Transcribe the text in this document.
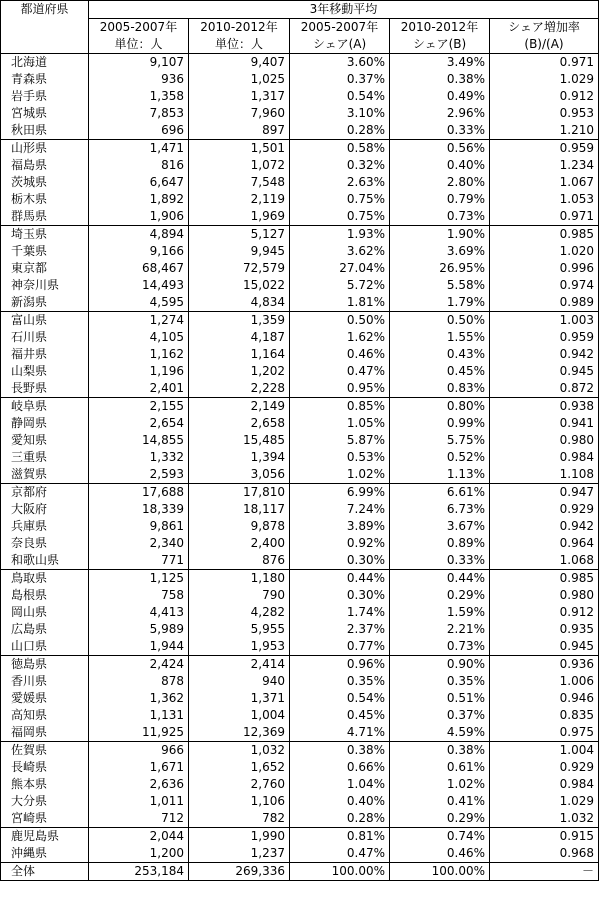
都道府県	3年移動平均				
	2005-2007年	2010-2012年	2005-2007年	2010-2012年	シェア増加率
	単位：人	単位：人	シェア(A)	シェア(B)	(B)/(A)
北海道	9,107	9,407	3.60%	3.49%	0.971
青森県	936	1,025	0.37%	0.38%	1.029
岩手県	1,358	1,317	0.54%	0.49%	0.912
宮城県	7,853	7,960	3.10%	2.96%	0.953
秋田県	696	897	0.28%	0.33%	1.210
山形県	1,471	1,501	0.58%	0.56%	0.959
福島県	816	1,072	0.32%	0.40%	1.234
茨城県	6,647	7,548	2.63%	2.80%	1.067
栃木県	1,892	2,119	0.75%	0.79%	1.053
群馬県	1,906	1,969	0.75%	0.73%	0.971
埼玉県	4,894	5,127	1.93%	1.90%	0.985
千葉県	9,166	9,945	3.62%	3.69%	1.020
東京都	68,467	72,579	27.04%	26.95%	0.996
神奈川県	14,493	15,022	5.72%	5.58%	0.974
新潟県	4,595	4,834	1.81%	1.79%	0.989
富山県	1,274	1,359	0.50%	0.50%	1.003
石川県	4,105	4,187	1.62%	1.55%	0.959
福井県	1,162	1,164	0.46%	0.43%	0.942
山梨県	1,196	1,202	0.47%	0.45%	0.945
長野県	2,401	2,228	0.95%	0.83%	0.872
岐阜県	2,155	2,149	0.85%	0.80%	0.938
静岡県	2,654	2,658	1.05%	0.99%	0.941
愛知県	14,855	15,485	5.87%	5.75%	0.980
三重県	1,332	1,394	0.53%	0.52%	0.984
滋賀県	2,593	3,056	1.02%	1.13%	1.108
京都府	17,688	17,810	6.99%	6.61%	0.947
大阪府	18,339	18,117	7.24%	6.73%	0.929
兵庫県	9,861	9,878	3.89%	3.67%	0.942
奈良県	2,340	2,400	0.92%	0.89%	0.964
和歌山県	771	876	0.30%	0.33%	1.068
鳥取県	1,125	1,180	0.44%	0.44%	0.985
島根県	758	790	0.30%	0.29%	0.980
岡山県	4,413	4,282	1.74%	1.59%	0.912
広島県	5,989	5,955	2.37%	2.21%	0.935
山口県	1,944	1,953	0.77%	0.73%	0.945
徳島県	2,424	2,414	0.96%	0.90%	0.936
香川県	878	940	0.35%	0.35%	1.006
愛媛県	1,362	1,371	0.54%	0.51%	0.946
高知県	1,131	1,004	0.45%	0.37%	0.835
福岡県	11,925	12,369	4.71%	4.59%	0.975
佐賀県	966	1,032	0.38%	0.38%	1.004
長崎県	1,671	1,652	0.66%	0.61%	0.929
熊本県	2,636	2,760	1.04%	1.02%	0.984
大分県	1,011	1,106	0.40%	0.41%	1.029
宮崎県	712	782	0.28%	0.29%	1.032
鹿児島県	2,044	1,990	0.81%	0.74%	0.915
沖縄県	1,200	1,237	0.47%	0.46%	0.968
全体	253,184	269,336	100.00%	100.00%	－
